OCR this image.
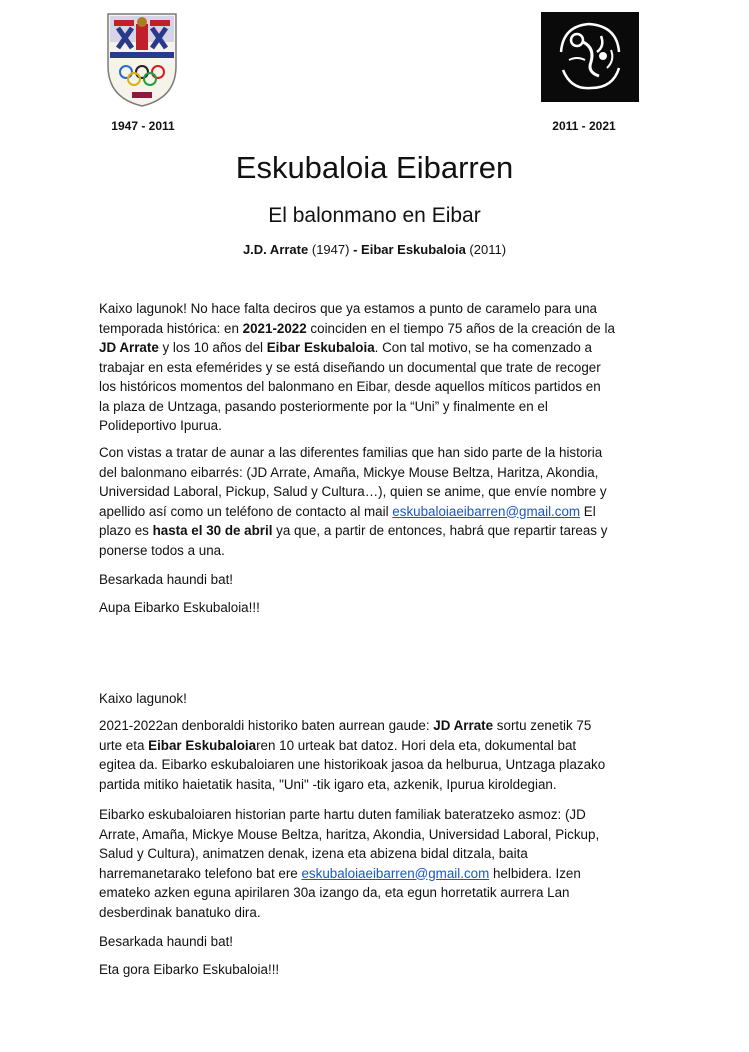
1947 - 2011	2011 - 2021
Eskubaloia Eibarren
El balonmano en Eibar
J.D. Arrate (1947) - Eibar Eskubaloia (2011)
Kaixo lagunok! No hace falta deciros que ya estamos a punto de caramelo para una
temporada histórica: en 2021-2022 coinciden en el tiempo 75 años de la creación de la
JD Arrate y los 10 años del Eibar Eskubaloia. Con tal motivo, se ha comenzado a
trabajar en esta efemérides y se está diseñando un documental que trate de recoger
los históricos momentos del balonmano en Eibar, desde aquellos míticos partidos en
la plaza de Untzaga, pasando posteriormente por la “Uni” y finalmente en el
Polideportivo Ipurua.
Con vistas a tratar de aunar a las diferentes familias que han sido parte de la historia
del balonmano eibarrés: (JD Arrate, Amaña, Mickye Mouse Beltza, Haritza, Akondia,
Universidad Laboral, Pickup, Salud y Cultura…), quien se anime, que envíe nombre y
apellido así como un teléfono de contacto al mail eskubaloiaeibarren@gmail.com El
plazo es hasta el 30 de abril ya que, a partir de entonces, habrá que repartir tareas y
ponerse todos a una.
Besarkada haundi bat!
Aupa Eibarko Eskubaloia!!!
Kaixo lagunok!
2021-2022an denboraldi historiko baten aurrean gaude: JD Arrate sortu zenetik 75
urte eta Eibar Eskubaloiaren 10 urteak bat datoz. Hori dela eta, dokumental bat
egitea da. Eibarko eskubaloiaren une historikoak jasoa da helburua, Untzaga plazako
partida mitiko haietatik hasita, "Uni" -tik igaro eta, azkenik, Ipurua kiroldegian.
Eibarko eskubaloiaren historian parte hartu duten familiak bateratzeko asmoz: (JD
Arrate, Amaña, Mickye Mouse Beltza, haritza, Akondia, Universidad Laboral, Pickup,
Salud y Cultura), animatzen denak, izena eta abizena bidal ditzala, baita
harremanetarako telefono bat ere eskubaloiaeibarren@gmail.com helbidera. Izen
emateko azken eguna apirilaren 30a izango da, eta egun horretatik aurrera Lan
desberdinak banatuko dira.
Besarkada haundi bat!
Eta gora Eibarko Eskubaloia!!!
